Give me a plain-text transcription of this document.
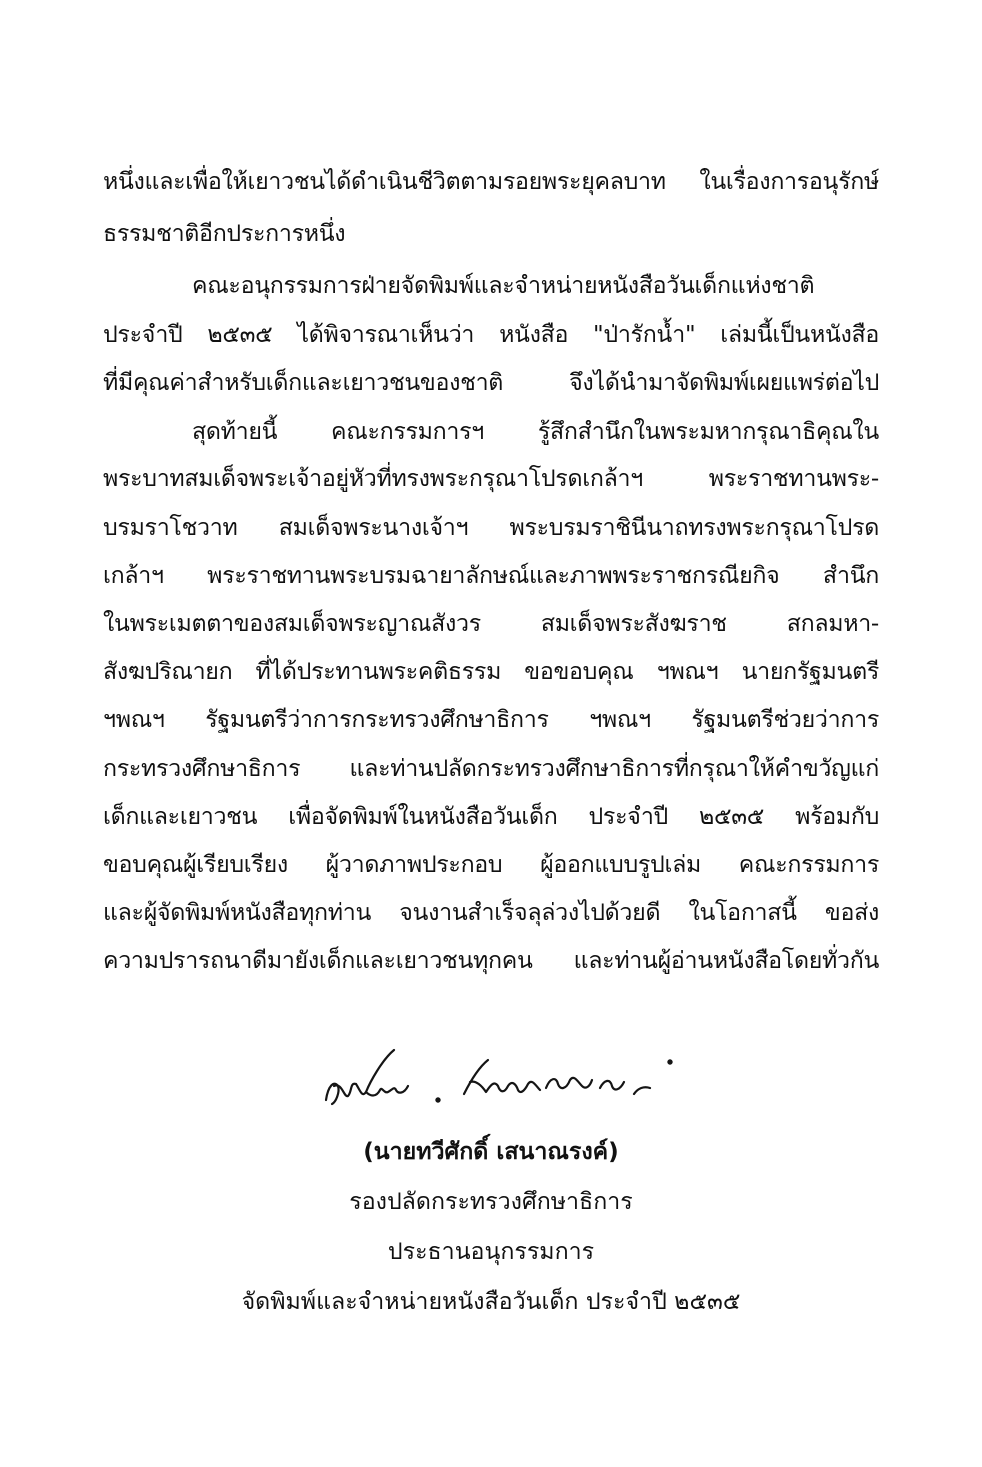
หนึ่งและเพื่อให้เยาวชนได้ดำเนินชีวิตตามรอยพระยุคลบาท ในเรื่องการอนุรักษ์
ธรรมชาติอีกประการหนึ่ง
คณะอนุกรรมการฝ่ายจัดพิมพ์และจำหน่ายหนังสือวันเด็กแห่งชาติ
ประจำปี ๒๕๓๕ ได้พิจารณาเห็นว่า หนังสือ "ป่ารักน้ำ" เล่มนี้เป็นหนังสือ
ที่มีคุณค่าสำหรับเด็กและเยาวชนของชาติ จึงได้นำมาจัดพิมพ์เผยแพร่ต่อไป
สุดท้ายนี้ คณะกรรมการฯ รู้สึกสำนึกในพระมหากรุณาธิคุณใน
พระบาทสมเด็จพระเจ้าอยู่หัวที่ทรงพระกรุณาโปรดเกล้าฯ พระราชทานพระ-
บรมราโชวาท สมเด็จพระนางเจ้าฯ พระบรมราชินีนาถทรงพระกรุณาโปรด
เกล้าฯ พระราชทานพระบรมฉายาลักษณ์และภาพพระราชกรณียกิจ สำนึก
ในพระเมตตาของสมเด็จพระญาณสังวร สมเด็จพระสังฆราช สกลมหา-
สังฆปริณายก ที่ได้ประทานพระคติธรรม ขอขอบคุณ ฯพณฯ นายกรัฐมนตรี
ฯพณฯ รัฐมนตรีว่าการกระทรวงศึกษาธิการ ฯพณฯ รัฐมนตรีช่วยว่าการ
กระทรวงศึกษาธิการ และท่านปลัดกระทรวงศึกษาธิการที่กรุณาให้คำขวัญแก่
เด็กและเยาวชน เพื่อจัดพิมพ์ในหนังสือวันเด็ก ประจำปี ๒๕๓๕ พร้อมกับ
ขอบคุณผู้เรียบเรียง ผู้วาดภาพประกอบ ผู้ออกแบบรูปเล่ม คณะกรรมการ
และผู้จัดพิมพ์หนังสือทุกท่าน จนงานสำเร็จลุล่วงไปด้วยดี ในโอกาสนี้ ขอส่ง
ความปรารถนาดีมายังเด็กและเยาวชนทุกคน และท่านผู้อ่านหนังสือโดยทั่วกัน
(นายทวีศักดิ์ เสนาณรงค์)
รองปลัดกระทรวงศึกษาธิการ
ประธานอนุกรรมการ
จัดพิมพ์และจำหน่ายหนังสือวันเด็ก ประจำปี ๒๕๓๕
